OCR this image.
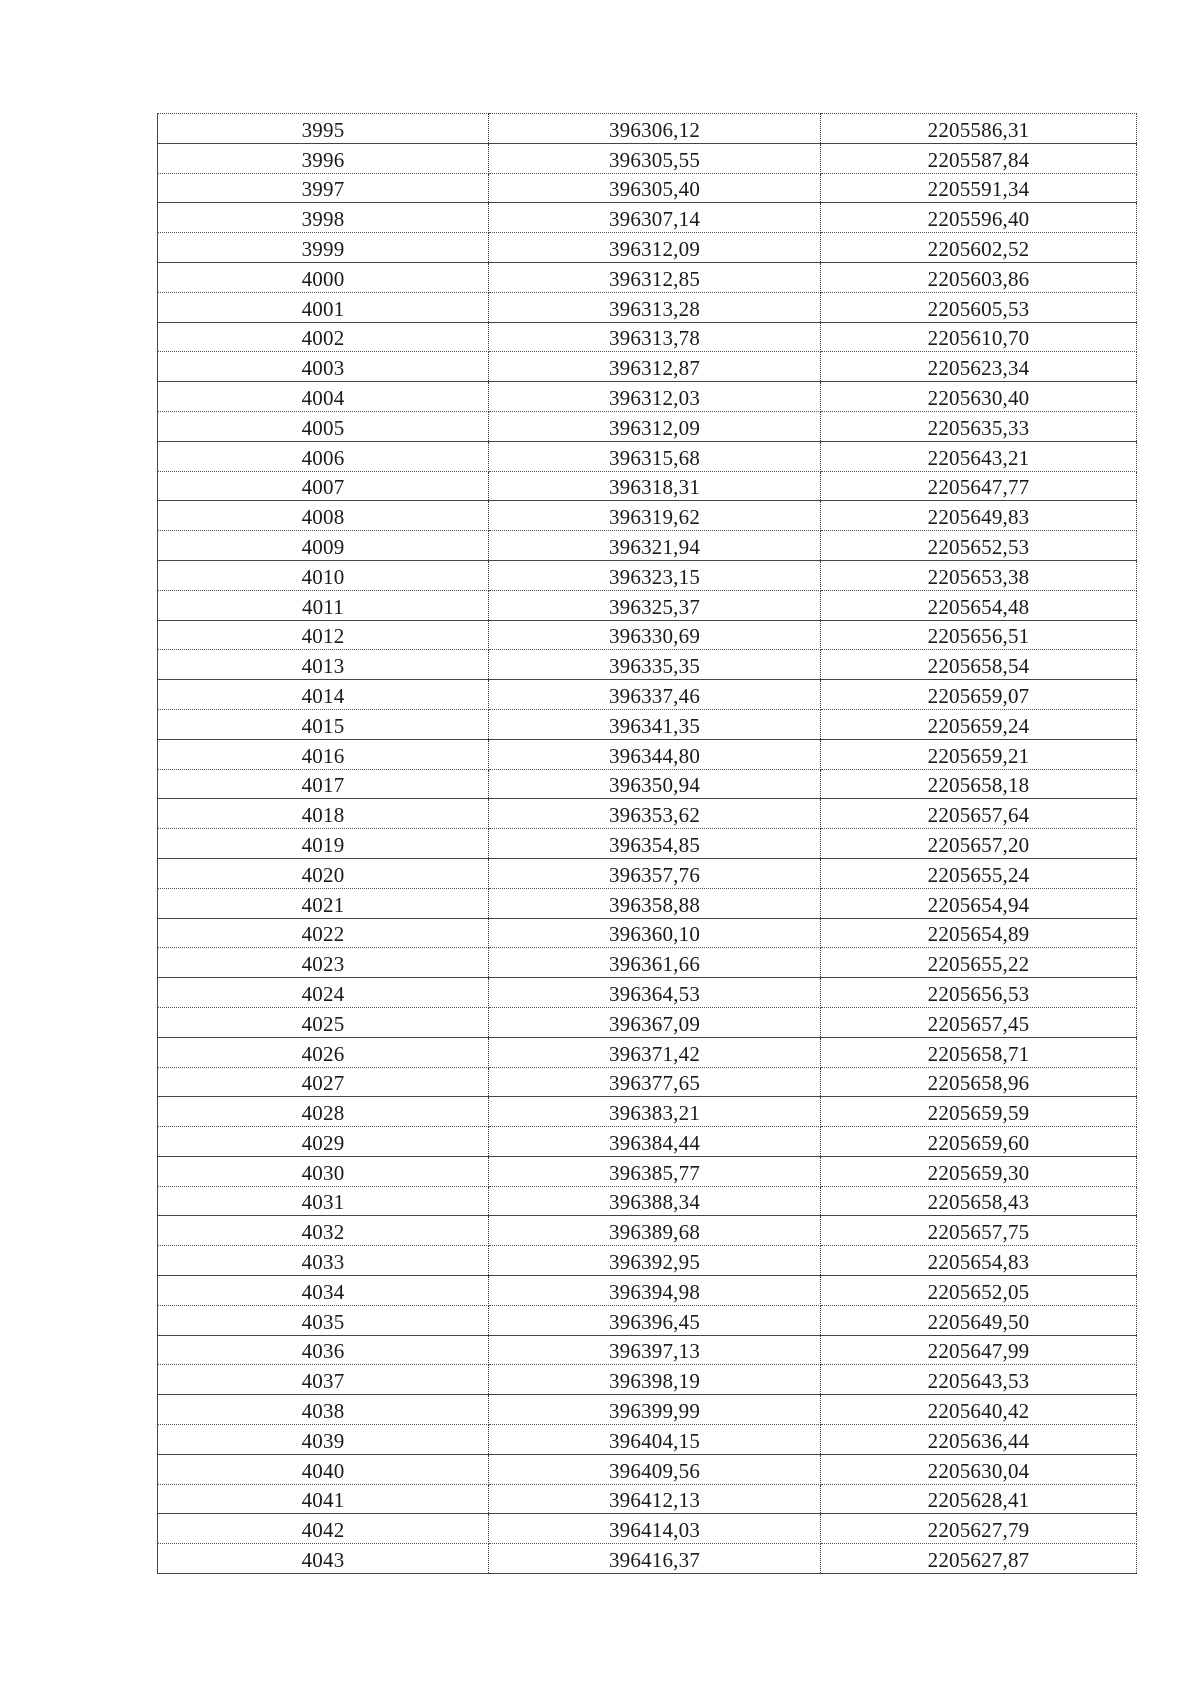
3995	396306,12	2205586,31
3996	396305,55	2205587,84
3997	396305,40	2205591,34
3998	396307,14	2205596,40
3999	396312,09	2205602,52
4000	396312,85	2205603,86
4001	396313,28	2205605,53
4002	396313,78	2205610,70
4003	396312,87	2205623,34
4004	396312,03	2205630,40
4005	396312,09	2205635,33
4006	396315,68	2205643,21
4007	396318,31	2205647,77
4008	396319,62	2205649,83
4009	396321,94	2205652,53
4010	396323,15	2205653,38
4011	396325,37	2205654,48
4012	396330,69	2205656,51
4013	396335,35	2205658,54
4014	396337,46	2205659,07
4015	396341,35	2205659,24
4016	396344,80	2205659,21
4017	396350,94	2205658,18
4018	396353,62	2205657,64
4019	396354,85	2205657,20
4020	396357,76	2205655,24
4021	396358,88	2205654,94
4022	396360,10	2205654,89
4023	396361,66	2205655,22
4024	396364,53	2205656,53
4025	396367,09	2205657,45
4026	396371,42	2205658,71
4027	396377,65	2205658,96
4028	396383,21	2205659,59
4029	396384,44	2205659,60
4030	396385,77	2205659,30
4031	396388,34	2205658,43
4032	396389,68	2205657,75
4033	396392,95	2205654,83
4034	396394,98	2205652,05
4035	396396,45	2205649,50
4036	396397,13	2205647,99
4037	396398,19	2205643,53
4038	396399,99	2205640,42
4039	396404,15	2205636,44
4040	396409,56	2205630,04
4041	396412,13	2205628,41
4042	396414,03	2205627,79
4043	396416,37	2205627,87
